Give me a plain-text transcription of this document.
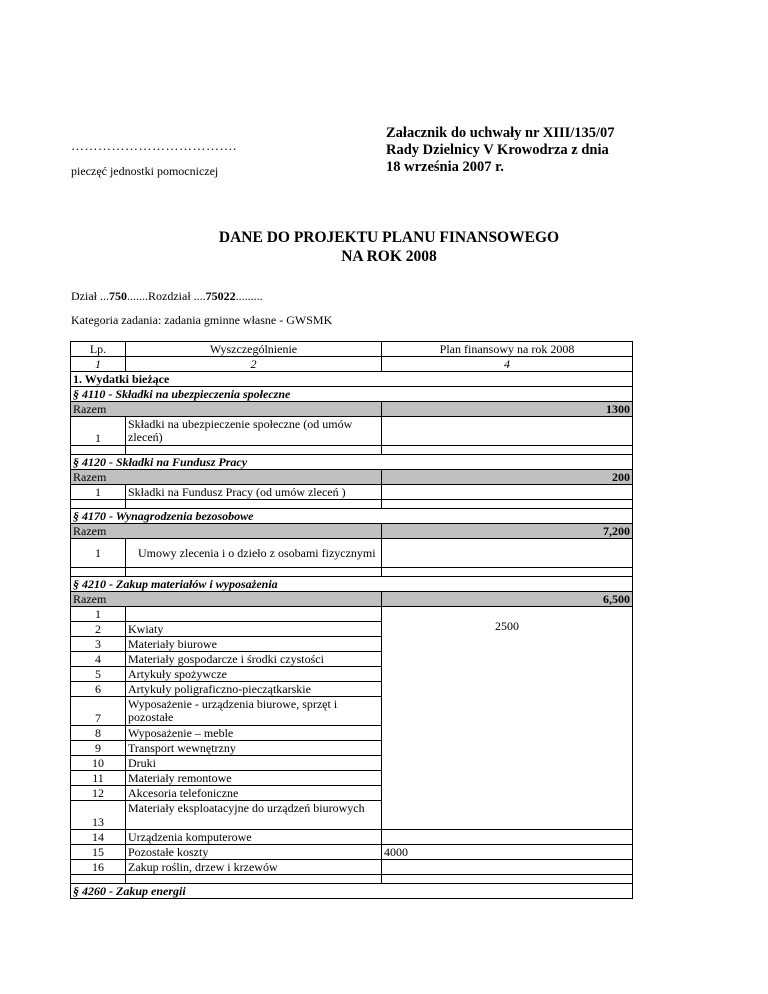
……………………………….
pieczęć jednostki pomocniczej
Załacznik do uchwały nr XIII/135/07
Rady Dzielnicy V Krowodrza z dnia
18 września 2007 r.
DANE DO PROJEKTU PLANU FINANSOWEGO
NA ROK 2008
Dział ...750.......Rozdział ....75022.........
Kategoria zadania: zadania gminne własne - GWSMK
Lp.	Wyszczególnienie	Plan finansowy na rok 2008
1	2	4
1. Wydatki bieżące		
§ 4110 - Składki na ubezpieczenia społeczne		
Razem		1300
1	Składki na ubezpieczenie społeczne (od umów zleceń)	

§ 4120 - Składki na Fundusz Pracy		
Razem		200
1	Składki na Fundusz Pracy (od umów zleceń )	

§ 4170 - Wynagrodzenia bezosobowe		
Razem		7,200
1	Umowy zlecenia i o dzieło z osobami fizycznymi	

§ 4210 - Zakup materiałów i wyposażenia		
Razem		6,500
1		2500
2	Kwiaty	
3	Materiały biurowe	
4	Materiały gospodarcze i środki czystości	
5	Artykuły spożywcze	
6	Artykuły poligraficzno-pieczątkarskie	
7	Wyposażenie - urządzenia biurowe, sprzęt i pozostałe	
8	Wyposażenie – meble	
9	Transport wewnętrzny	
10	Druki	
11	Materiały remontowe	
12	Akcesoria telefoniczne	
13	Materiały eksploatacyjne do urządzeń biurowych	
14	Urządzenia komputerowe	
15	Pozostałe koszty	4000
16	Zakup roślin, drzew i krzewów	

§ 4260 - Zakup energii		
